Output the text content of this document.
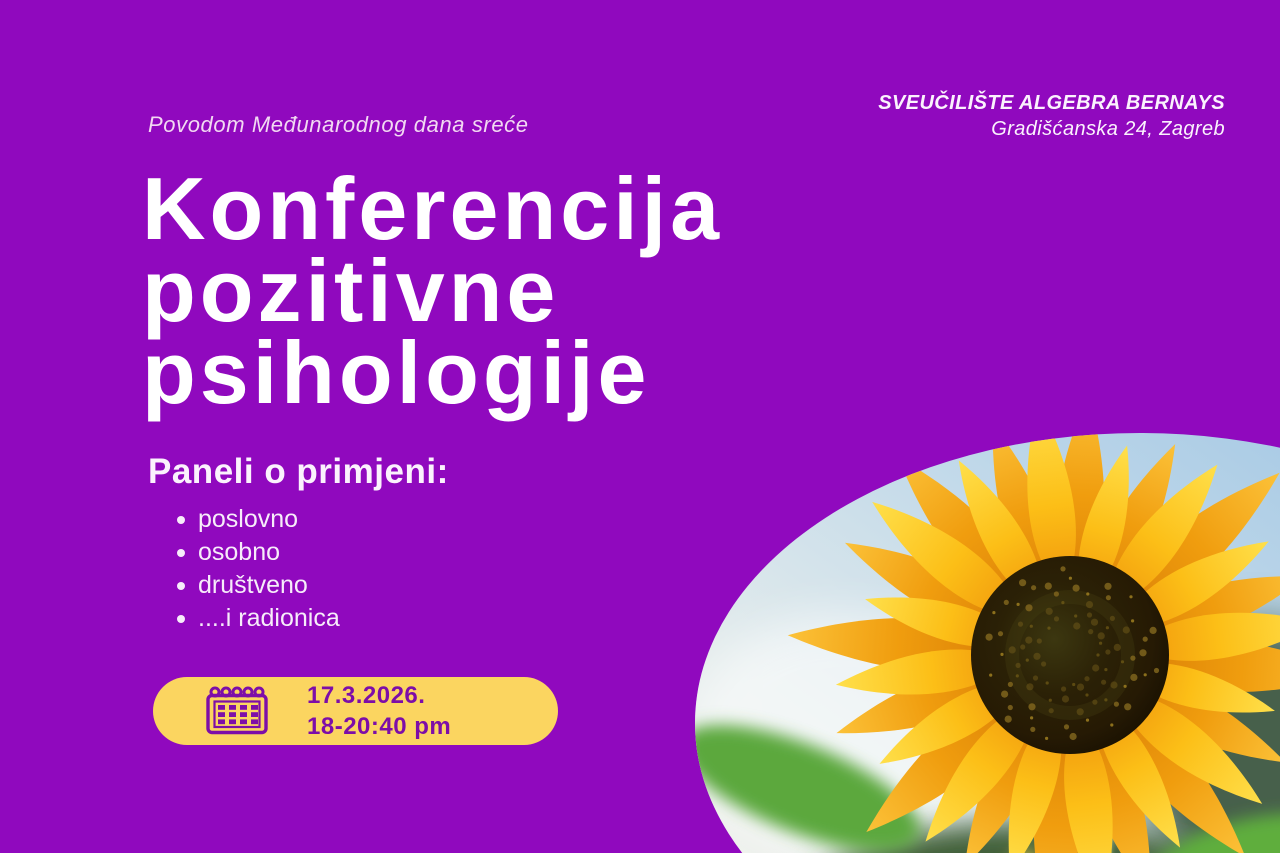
Povodom Međunarodnog dana sreće
SVEUČILIŠTE ALGEBRA BERNAYS
Gradišćanska 24, Zagreb
Konferencija
pozitivne
psihologije
Paneli o primjeni:
poslovno
osobno
društveno
....i radionica
17.3.2026.
18-20:40 pm
